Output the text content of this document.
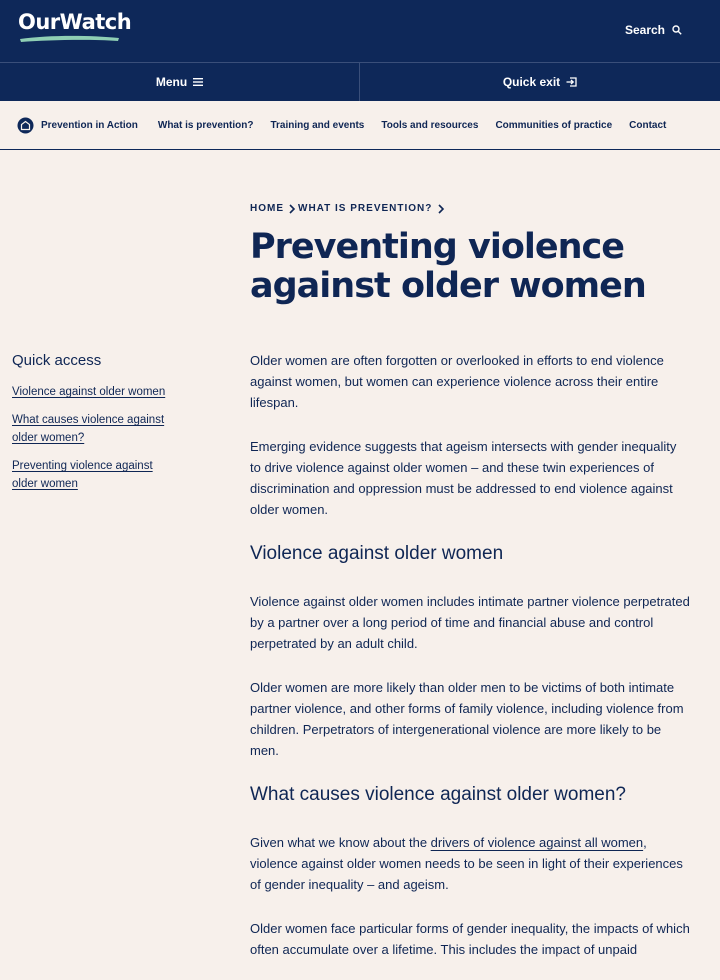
OurWatch	Search
Menu	Quick exit
Prevention in Action What is prevention? Training and events Tools and resources Communities of practice Contact
HOME WHAT IS PREVENTION?
Preventing violence against older women
Quick access
Violence against older women
What causes violence against older women?
Preventing violence against older women

Older women are often forgotten or overlooked in efforts to end violence against women, but women can experience violence across their entire lifespan.

Emerging evidence suggests that ageism intersects with gender inequality to drive violence against older women – and these twin experiences of discrimination and oppression must be addressed to end violence against older women.

Violence against older women

Violence against older women includes intimate partner violence perpetrated by a partner over a long period of time and financial abuse and control perpetrated by an adult child.

Older women are more likely than older men to be victims of both intimate partner violence, and other forms of family violence, including violence from children. Perpetrators of intergenerational violence are more likely to be men.

What causes violence against older women?

Given what we know about the drivers of violence against all women, violence against older women needs to be seen in light of their experiences of gender inequality – and ageism.

Older women face particular forms of gender inequality, the impacts of which often accumulate over a lifetime. This includes the impact of unpaid
